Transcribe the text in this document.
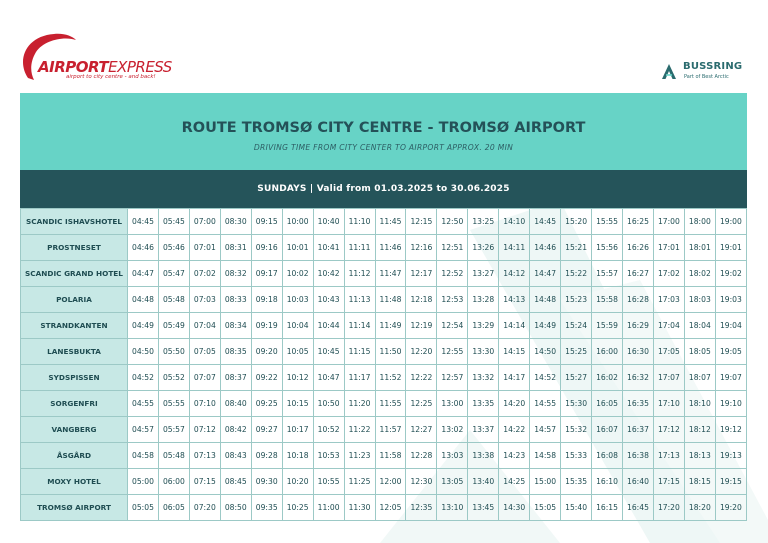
AIRPORTEXPRESS
airport to city centre - and back!
BUSSRING
Part of Best Arctic
ROUTE TROMSØ CITY CENTRE - TROMSØ AIRPORT
DRIVING TIME FROM CITY CENTER TO AIRPORT APPROX. 20 MIN
SUNDAYS | Valid from 01.03.2025 to 30.06.2025
SCANDIC ISHAVSHOTEL	04:45	05:45	07:00	08:30	09:15	10:00	10:40	11:10	11:45	12:15	12:50	13:25	14:10	14:45	15:20	15:55	16:25	17:00	18:00	19:00
PROSTNESET	04:46	05:46	07:01	08:31	09:16	10:01	10:41	11:11	11:46	12:16	12:51	13:26	14:11	14:46	15:21	15:56	16:26	17:01	18:01	19:01
SCANDIC GRAND HOTEL	04:47	05:47	07:02	08:32	09:17	10:02	10:42	11:12	11:47	12:17	12:52	13:27	14:12	14:47	15:22	15:57	16:27	17:02	18:02	19:02
POLARIA	04:48	05:48	07:03	08:33	09:18	10:03	10:43	11:13	11:48	12:18	12:53	13:28	14:13	14:48	15:23	15:58	16:28	17:03	18:03	19:03
STRANDKANTEN	04:49	05:49	07:04	08:34	09:19	10:04	10:44	11:14	11:49	12:19	12:54	13:29	14:14	14:49	15:24	15:59	16:29	17:04	18:04	19:04
LANESBUKTA	04:50	05:50	07:05	08:35	09:20	10:05	10:45	11:15	11:50	12:20	12:55	13:30	14:15	14:50	15:25	16:00	16:30	17:05	18:05	19:05
SYDSPISSEN	04:52	05:52	07:07	08:37	09:22	10:12	10:47	11:17	11:52	12:22	12:57	13:32	14:17	14:52	15:27	16:02	16:32	17:07	18:07	19:07
SORGENFRI	04:55	05:55	07:10	08:40	09:25	10:15	10:50	11:20	11:55	12:25	13:00	13:35	14:20	14:55	15:30	16:05	16:35	17:10	18:10	19:10
VANGBERG	04:57	05:57	07:12	08:42	09:27	10:17	10:52	11:22	11:57	12:27	13:02	13:37	14:22	14:57	15:32	16:07	16:37	17:12	18:12	19:12
ÅSGÅRD	04:58	05:48	07:13	08:43	09:28	10:18	10:53	11:23	11:58	12:28	13:03	13:38	14:23	14:58	15:33	16:08	16:38	17:13	18:13	19:13
MOXY HOTEL	05:00	06:00	07:15	08:45	09:30	10:20	10:55	11:25	12:00	12:30	13:05	13:40	14:25	15:00	15:35	16:10	16:40	17:15	18:15	19:15
TROMSØ AIRPORT	05:05	06:05	07:20	08:50	09:35	10:25	11:00	11:30	12:05	12:35	13:10	13:45	14:30	15:05	15:40	16:15	16:45	17:20	18:20	19:20
